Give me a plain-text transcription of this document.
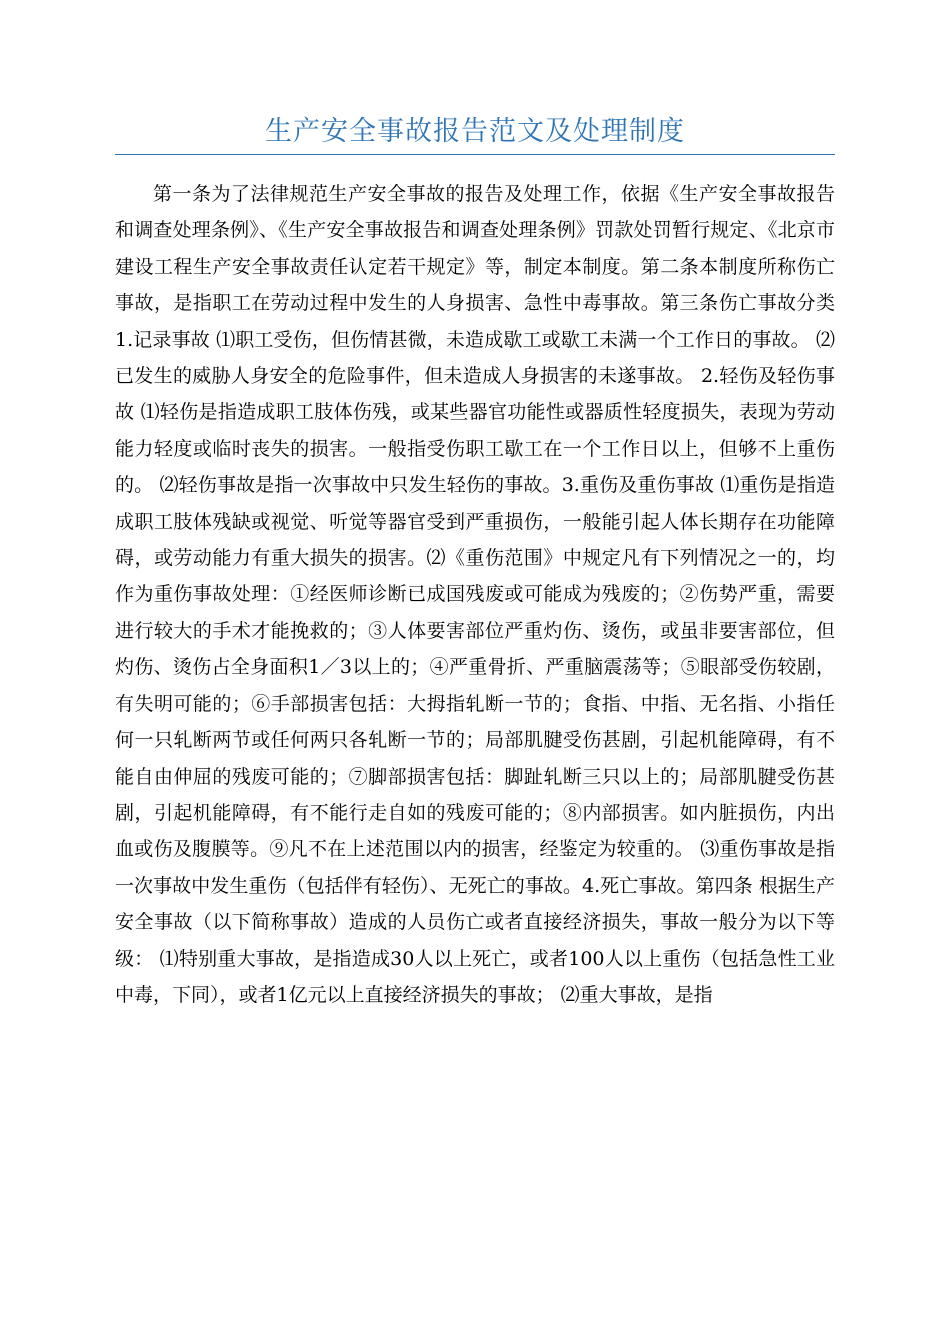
生产安全事故报告范文及处理制度

第一条为了法律规范生产安全事故的报告及处理工作，依据《生产安全事故报告和调查处理条例》、《生产安全事故报告和调查处理条例》罚款处罚暂行规定、《北京市建设工程生产安全事故责任认定若干规定》等，制定本制度。第二条本制度所称伤亡事故，是指职工在劳动过程中发生的人身损害、急性中毒事故。第三条伤亡事故分类 1.记录事故 ⑴职工受伤，但伤情甚微，未造成歇工或歇工未满一个工作日的事故。 ⑵已发生的威胁人身安全的危险事件，但未造成人身损害的未遂事故。 2.轻伤及轻伤事故 ⑴轻伤是指造成职工肢体伤残，或某些器官功能性或器质性轻度损失，表现为劳动能力轻度或临时丧失的损害。一般指受伤职工歇工在一个工作日以上，但够不上重伤的。 ⑵轻伤事故是指一次事故中只发生轻伤的事故。3.重伤及重伤事故 ⑴重伤是指造成职工肢体残缺或视觉、听觉等器官受到严重损伤，一般能引起人体长期存在功能障碍，或劳动能力有重大损失的损害。⑵《重伤范围》中规定凡有下列情况之一的，均作为重伤事故处理：①经医师诊断已成国残废或可能成为残废的；②伤势严重，需要进行较大的手术才能挽救的；③人体要害部位严重灼伤、烫伤，或虽非要害部位，但灼伤、烫伤占全身面积1／3以上的；④严重骨折、严重脑震荡等；⑤眼部受伤较剧，有失明可能的；⑥手部损害包括：大拇指轧断一节的；食指、中指、无名指、小指任何一只轧断两节或任何两只各轧断一节的；局部肌腱受伤甚剧，引起机能障碍，有不能自由伸屈的残废可能的；⑦脚部损害包括：脚趾轧断三只以上的；局部肌腱受伤甚剧，引起机能障碍，有不能行走自如的残废可能的；⑧内部损害。如内脏损伤，内出血或伤及腹膜等。⑨凡不在上述范围以内的损害，经鉴定为较重的。 ⑶重伤事故是指一次事故中发生重伤（包括伴有轻伤）、无死亡的事故。4.死亡事故。第四条 根据生产安全事故（以下简称事故）造成的人员伤亡或者直接经济损失，事故一般分为以下等级： ⑴特别重大事故，是指造成30人以上死亡，或者100人以上重伤（包括急性工业中毒，下同），或者1亿元以上直接经济损失的事故； ⑵重大事故，是指
